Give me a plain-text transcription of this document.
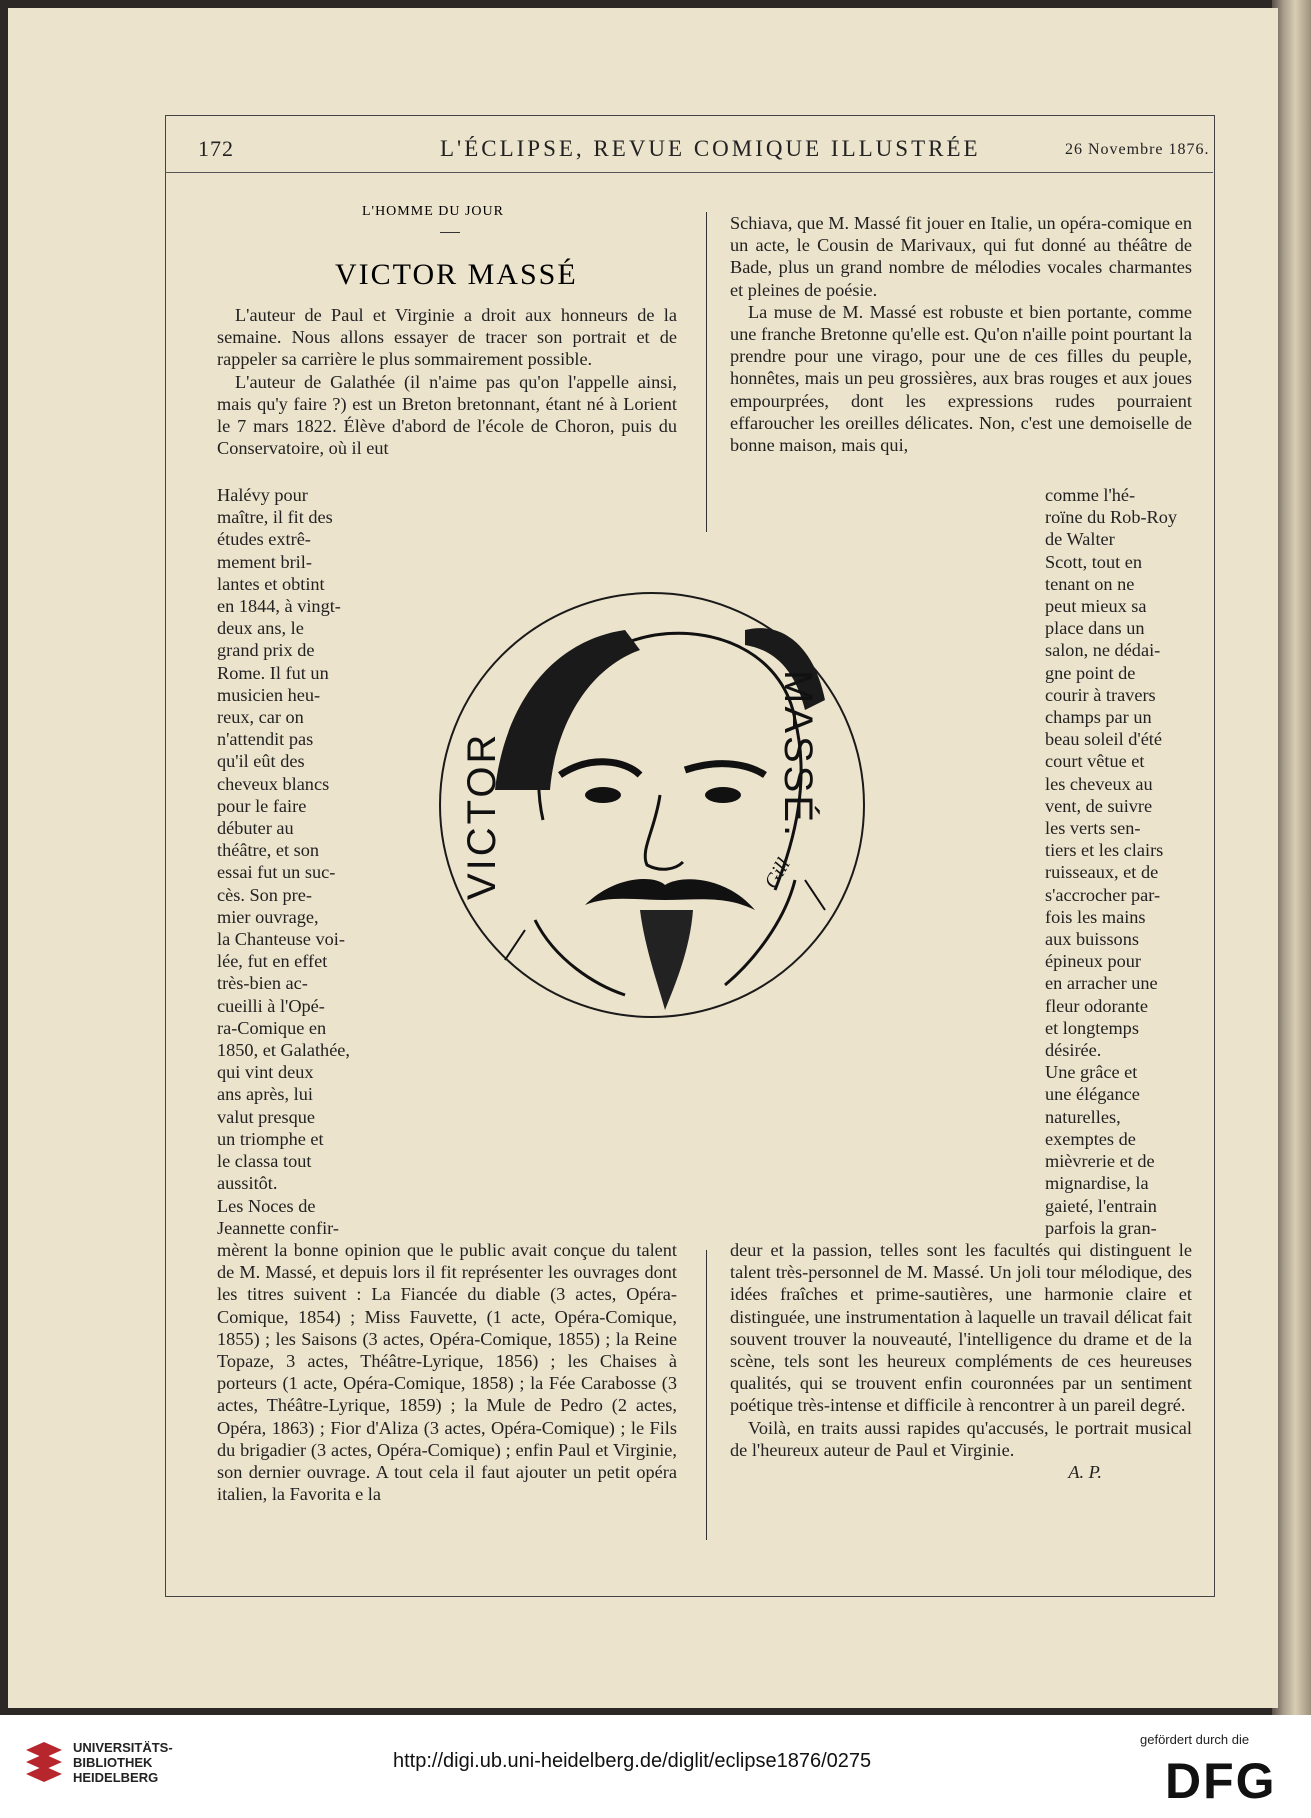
172	L'ÉCLIPSE, REVUE COMIQUE ILLUSTRÉE	26 Novembre 1876.
L'HOMME DU JOUR
VICTOR MASSÉ

L'auteur de Paul et Virginie a droit aux honneurs de la semaine. Nous allons essayer de tracer son portrait et de rappeler sa carrière le plus sommairement possible.

L'auteur de Galathée (il n'aime pas qu'on l'appelle ainsi, mais qu'y faire ?) est un Breton bretonnant, étant né à Lorient le 7 mars 1822. Élève d'abord de l'école de Choron, puis du Conservatoire, où il eut

Halévy pour
maître, il fit des
études extrê-
mement bril-
lantes et obtint
en 1844, à vingt-
deux ans, le
grand prix de
Rome. Il fut un
musicien heu-
reux, car on
n'attendit pas
qu'il eût des
cheveux blancs
pour le faire
débuter au
théâtre, et son
essai fut un suc-
cès. Son pre-
mier ouvrage,
la Chanteuse voi-
lée, fut en effet
très-bien ac-
cueilli à l'Opé-
ra-Comique en
1850, et Galathée,
qui vint deux
ans après, lui
valut presque
un triomphe et
le classa tout
aussitôt.
Les Noces de
Jeannette confir-
mèrent la bonne opinion que le public avait conçue du talent de M. Massé, et depuis lors il fit représenter les ouvrages dont les titres suivent : La Fiancée du diable (3 actes, Opéra-Comique, 1854) ; Miss Fauvette, (1 acte, Opéra-Comique, 1855) ; les Saisons (3 actes, Opéra-Comique, 1855) ; la Reine Topaze, 3 actes, Théâtre-Lyrique, 1856) ; les Chaises à porteurs (1 acte, Opéra-Comique, 1858) ; la Fée Carabosse (3 actes, Théâtre-Lyrique, 1859) ; la Mule de Pedro (2 actes, Opéra, 1863) ; Fior d'Aliza (3 actes, Opéra-Comique) ; le Fils du brigadier (3 actes, Opéra-Comique) ; enfin Paul et Virginie, son dernier ouvrage. A tout cela il faut ajouter un petit opéra italien, la Favorita e la
Schiava, que M. Massé fit jouer en Italie, un opéra-comique en un acte, le Cousin de Marivaux, qui fut donné au théâtre de Bade, plus un grand nombre de mélodies vocales charmantes et pleines de poésie.

La muse de M. Massé est robuste et bien portante, comme une franche Bretonne qu'elle est. Qu'on n'aille point pourtant la prendre pour une virago, pour une de ces filles du peuple, honnêtes, mais un peu grossières, aux bras rouges et aux joues empourprées, dont les expressions rudes pourraient effaroucher les oreilles délicates. Non, c'est une demoiselle de bonne maison, mais qui,

comme l'hé-
roïne du Rob-Roy
de Walter
Scott, tout en
tenant on ne
peut mieux sa
place dans un
salon, ne dédai-
gne point de
courir à travers
champs par un
beau soleil d'été
court vêtue et
les cheveux au
vent, de suivre
les verts sen-
tiers et les clairs
ruisseaux, et de
s'accrocher par-
fois les mains
aux buissons
épineux pour
en arracher une
fleur odorante
et longtemps
désirée.
Une grâce et
une élégance
naturelles,
exemptes de
mièvrerie et de
mignardise, la
gaieté, l'entrain
parfois la gran-
deur et la passion, telles sont les facultés qui distinguent le talent très-personnel de M. Massé. Un joli tour mélodique, des idées fraîches et prime-sautières, une harmonie claire et distinguée, une instrumentation à laquelle un travail délicat fait souvent trouver la nouveauté, l'intelligence du drame et de la scène, tels sont les heureux compléments de ces heureuses qualités, qui se trouvent enfin couronnées par un sentiment poétique très-intense et difficile à rencontrer à un pareil degré.

Voilà, en traits aussi rapides qu'accusés, le portrait musical de l'heureux auteur de Paul et Virginie.

A. P.
VICTOR	MASSÉ.
Gill
UNIVERSITÄTS-BIBLIOTHEK HEIDELBERG
http://digi.ub.uni-heidelberg.de/diglit/eclipse1876/0275
gefördert durch die
DFG
